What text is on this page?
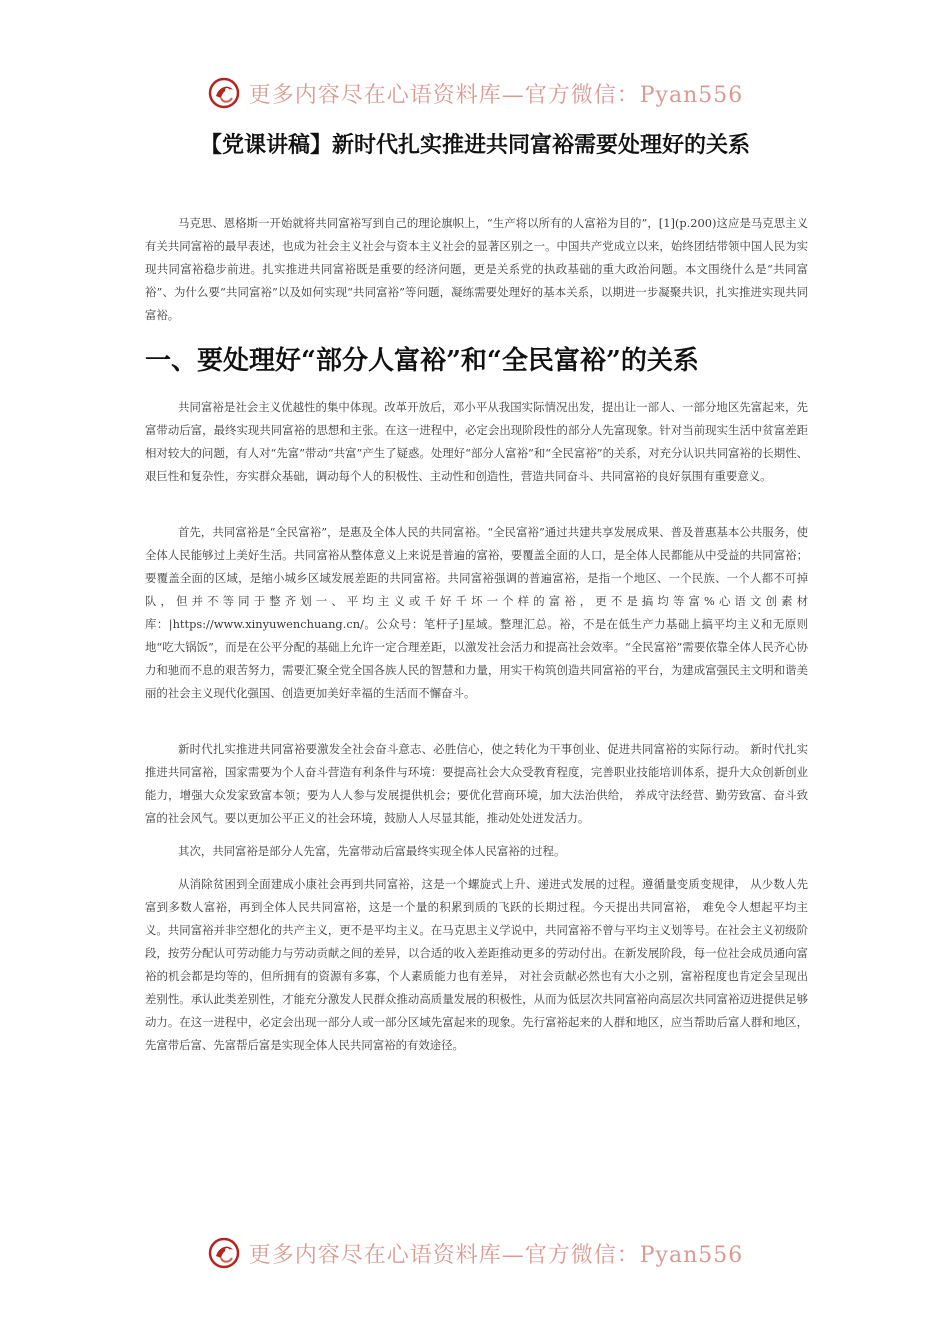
更多内容尽在心语资料库—官方微信：Pyan556
【党课讲稿】新时代扎实推进共同富裕需要处理好的关系

马克思、恩格斯一开始就将共同富裕写到自己的理论旗帜上，“生产将以所有的人富裕为目的”，[1](p.200)这应是马克思主义有关共同富裕的最早表述，也成为社会主义社会与资本主义社会的显著区别之一。中国共产党成立以来，始终团结带领中国人民为实现共同富裕稳步前进。扎实推进共同富裕既是重要的经济问题，更是关系党的执政基础的重大政治问题。本文围绕什么是“共同富裕”、为什么要“共同富裕”以及如何实现“共同富裕”等问题，凝练需要处理好的基本关系，以期进一步凝聚共识，扎实推进实现共同富裕。

一、要处理好“部分人富裕”和“全民富裕”的关系

共同富裕是社会主义优越性的集中体现。改革开放后，邓小平从我国实际情况出发，提出让一部人、一部分地区先富起来，先富带动后富，最终实现共同富裕的思想和主张。在这一进程中，必定会出现阶段性的部分人先富现象。针对当前现实生活中贫富差距相对较大的问题，有人对“先富”带动“共富”产生了疑惑。处理好“部分人富裕”和“全民富裕”的关系，对充分认识共同富裕的长期性、艰巨性和复杂性，夯实群众基础，调动每个人的积极性、主动性和创造性，营造共同奋斗、共同富裕的良好氛围有重要意义。

首先，共同富裕是“全民富裕”，是惠及全体人民的共同富裕。“全民富裕”通过共建共享发展成果、普及普惠基本公共服务，使全体人民能够过上美好生活。共同富裕从整体意义上来说是普遍的富裕，要覆盖全面的人口，是全体人民都能从中受益的共同富裕；要覆盖全面的区域，是缩小城乡区域发展差距的共同富裕。共同富裕强调的普遍富裕，是指一个地区、一个民族、一个人都不可掉队，但并不等同于整齐划一、平均主义或千好千坏一个样的富裕，更不是搞均等富%心语文创素材库：|https://www.xinyuwenchuang.cn/。公众号：笔杆子]星域。整理汇总。裕，不是在低生产力基础上搞平均主义和无原则地“吃大锅饭”，而是在公平分配的基础上允许一定合理差距，以激发社会活力和提高社会效率。“全民富裕”需要依靠全体人民齐心协力和驰而不息的艰苦努力，需要汇聚全党全国各族人民的智慧和力量，用实干构筑创造共同富裕的平台，为建成富强民主文明和谐美丽的社会主义现代化强国、创造更加美好幸福的生活而不懈奋斗。

新时代扎实推进共同富裕要激发全社会奋斗意志、必胜信心，使之转化为干事创业、促进共同富裕的实际行动。 新时代扎实推进共同富裕，国家需要为个人奋斗营造有利条件与环境：要提高社会大众受教育程度，完善职业技能培训体系，提升大众创新创业能力，增强大众发家致富本领；要为人人参与发展提供机会；要优化营商环境，加大法治供给， 养成守法经营、勤劳致富、奋斗致富的社会风气。要以更加公平正义的社会环境，鼓励人人尽显其能，推动处处迸发活力。

其次，共同富裕是部分人先富，先富带动后富最终实现全体人民富裕的过程。

从消除贫困到全面建成小康社会再到共同富裕，这是一个螺旋式上升、递进式发展的过程。遵循量变质变规律， 从少数人先富到多数人富裕，再到全体人民共同富裕，这是一个量的积累到质的飞跃的长期过程。今天提出共同富裕， 难免令人想起平均主义。共同富裕并非空想化的共产主义，更不是平均主义。在马克思主义学说中，共同富裕不曾与平均主义划等号。在社会主义初级阶段，按劳分配认可劳动能力与劳动贡献之间的差异，以合适的收入差距推动更多的劳动付出。在新发展阶段，每一位社会成员通向富裕的机会都是均等的，但所拥有的资源有多寡，个人素质能力也有差异， 对社会贡献必然也有大小之别，富裕程度也肯定会呈现出差别性。承认此类差别性，才能充分激发人民群众推动高质量发展的积极性，从而为低层次共同富裕向高层次共同富裕迈进提供足够动力。在这一进程中，必定会出现一部分人或一部分区域先富起来的现象。先行富裕起来的人群和地区，应当帮助后富人群和地区，先富带后富、先富帮后富是实现全体人民共同富裕的有效途径。

更多内容尽在心语资料库—官方微信：Pyan556
